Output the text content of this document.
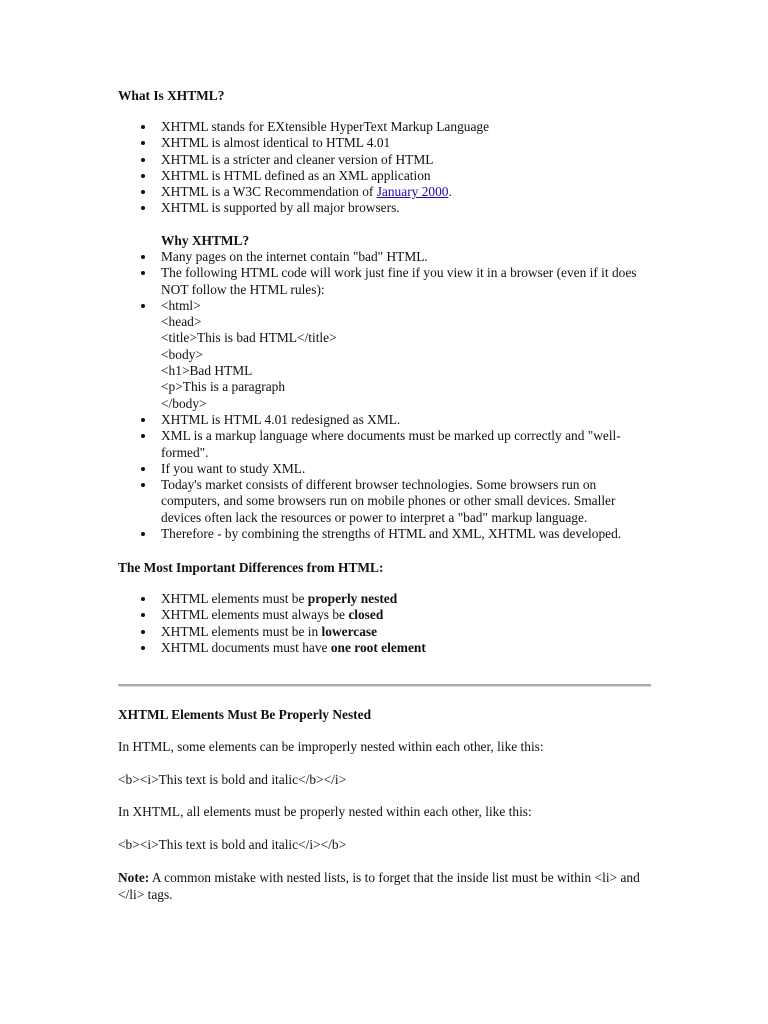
What Is XHTML?
XHTML stands for EXtensible HyperText Markup Language
XHTML is almost identical to HTML 4.01
XHTML is a stricter and cleaner version of HTML
XHTML is HTML defined as an XML application
XHTML is a W3C Recommendation of January 2000.
XHTML is supported by all major browsers.
Why XHTML?
Many pages on the internet contain "bad" HTML.
The following HTML code will work just fine if you view it in a browser (even if it does NOT follow the HTML rules):
<html>
<head>
<title>This is bad HTML</title>
<body>
<h1>Bad HTML
<p>This is a paragraph
</body>
XHTML is HTML 4.01 redesigned as XML.
XML is a markup language where documents must be marked up correctly and "well-formed".
If you want to study XML.
Today's market consists of different browser technologies. Some browsers run on computers, and some browsers run on mobile phones or other small devices. Smaller devices often lack the resources or power to interpret a "bad" markup language.
Therefore - by combining the strengths of HTML and XML, XHTML was developed.
The Most Important Differences from HTML:
XHTML elements must be properly nested
XHTML elements must always be closed
XHTML elements must be in lowercase
XHTML documents must have one root element
XHTML Elements Must Be Properly Nested
In HTML, some elements can be improperly nested within each other, like this:
<b><i>This text is bold and italic</b></i>
In XHTML, all elements must be properly nested within each other, like this:
<b><i>This text is bold and italic</i></b>
Note: A common mistake with nested lists, is to forget that the inside list must be within <li> and </li> tags.
